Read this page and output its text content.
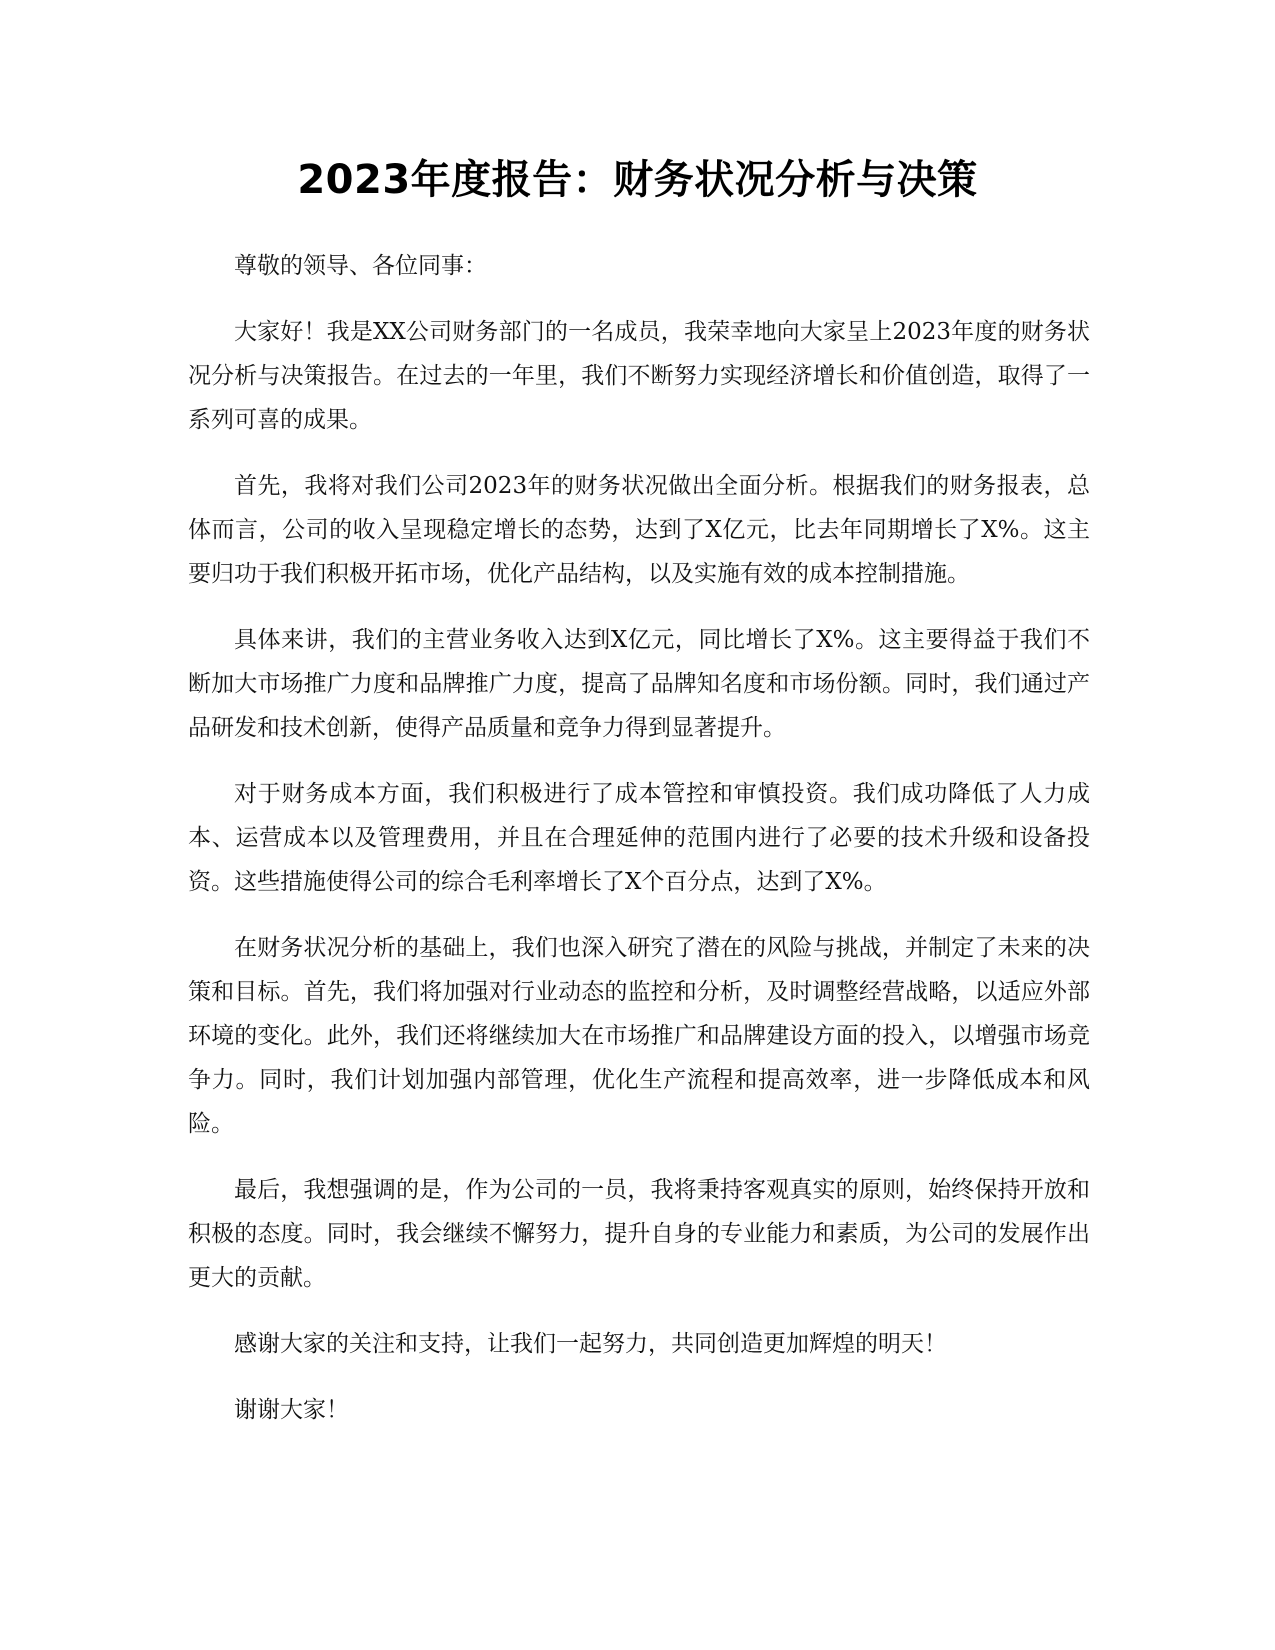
2023年度报告：财务状况分析与决策

尊敬的领导、各位同事：

大家好！我是XX公司财务部门的一名成员，我荣幸地向大家呈上2023年度的财务状况分析与决策报告。在过去的一年里，我们不断努力实现经济增长和价值创造，取得了一系列可喜的成果。

首先，我将对我们公司2023年的财务状况做出全面分析。根据我们的财务报表，总体而言，公司的收入呈现稳定增长的态势，达到了X亿元，比去年同期增长了X%。这主要归功于我们积极开拓市场，优化产品结构，以及实施有效的成本控制措施。

具体来讲，我们的主营业务收入达到X亿元，同比增长了X%。这主要得益于我们不断加大市场推广力度和品牌推广力度，提高了品牌知名度和市场份额。同时，我们通过产品研发和技术创新，使得产品质量和竞争力得到显著提升。

对于财务成本方面，我们积极进行了成本管控和审慎投资。我们成功降低了人力成本、运营成本以及管理费用，并且在合理延伸的范围内进行了必要的技术升级和设备投资。这些措施使得公司的综合毛利率增长了X个百分点，达到了X%。

在财务状况分析的基础上，我们也深入研究了潜在的风险与挑战，并制定了未来的决策和目标。首先，我们将加强对行业动态的监控和分析，及时调整经营战略，以适应外部环境的变化。此外，我们还将继续加大在市场推广和品牌建设方面的投入，以增强市场竞争力。同时，我们计划加强内部管理，优化生产流程和提高效率，进一步降低成本和风险。

最后，我想强调的是，作为公司的一员，我将秉持客观真实的原则，始终保持开放和积极的态度。同时，我会继续不懈努力，提升自身的专业能力和素质，为公司的发展作出更大的贡献。

感谢大家的关注和支持，让我们一起努力，共同创造更加辉煌的明天！

谢谢大家！
